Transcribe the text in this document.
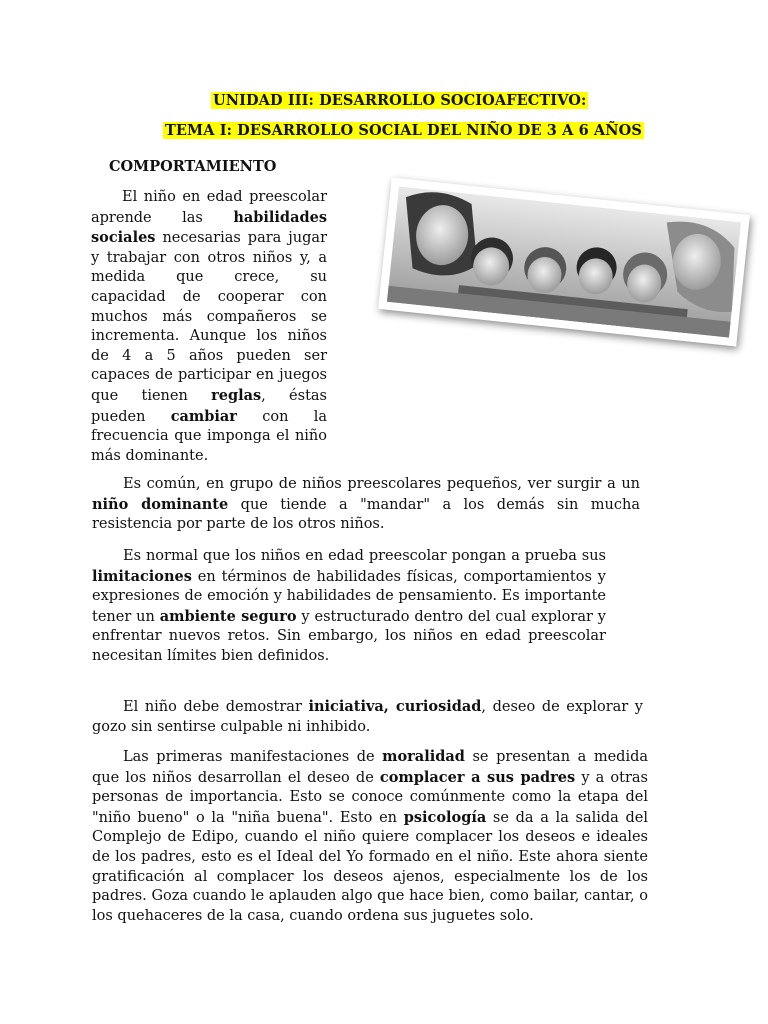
UNIDAD III: DESARROLLO SOCIOAFECTIVO:
TEMA I: DESARROLLO SOCIAL DEL NIÑO DE 3 A 6 AÑOS
COMPORTAMIENTO

El niño en edad preescolar aprende las habilidades sociales necesarias para jugar y trabajar con otros niños y, a medida que crece, su capacidad de cooperar con muchos más compañeros se incrementa. Aunque los niños de 4 a 5 años pueden ser capaces de participar en juegos que tienen reglas, éstas pueden cambiar con la frecuencia que imponga el niño más dominante.

Es común, en grupo de niños preescolares pequeños, ver surgir a un niño dominante que tiende a "mandar" a los demás sin mucha resistencia por parte de los otros niños.

Es normal que los niños en edad preescolar pongan a prueba sus limitaciones en términos de habilidades físicas, comportamientos y expresiones de emoción y habilidades de pensamiento. Es importante tener un ambiente seguro y estructurado dentro del cual explorar y enfrentar nuevos retos. Sin embargo, los niños en edad preescolar necesitan límites bien definidos.

El niño debe demostrar iniciativa, curiosidad, deseo de explorar y gozo sin sentirse culpable ni inhibido.

Las primeras manifestaciones de moralidad se presentan a medida que los niños desarrollan el deseo de complacer a sus padres y a otras personas de importancia. Esto se conoce comúnmente como la etapa del "niño bueno" o la "niña buena". Esto en psicología se da a la salida del Complejo de Edipo, cuando el niño quiere complacer los deseos e ideales de los padres, esto es el Ideal del Yo formado en el niño. Este ahora siente gratificación al complacer los deseos ajenos, especialmente los de los padres. Goza cuando le aplauden algo que hace bien, como bailar, cantar, o los quehaceres de la casa, cuando ordena sus juguetes solo.
